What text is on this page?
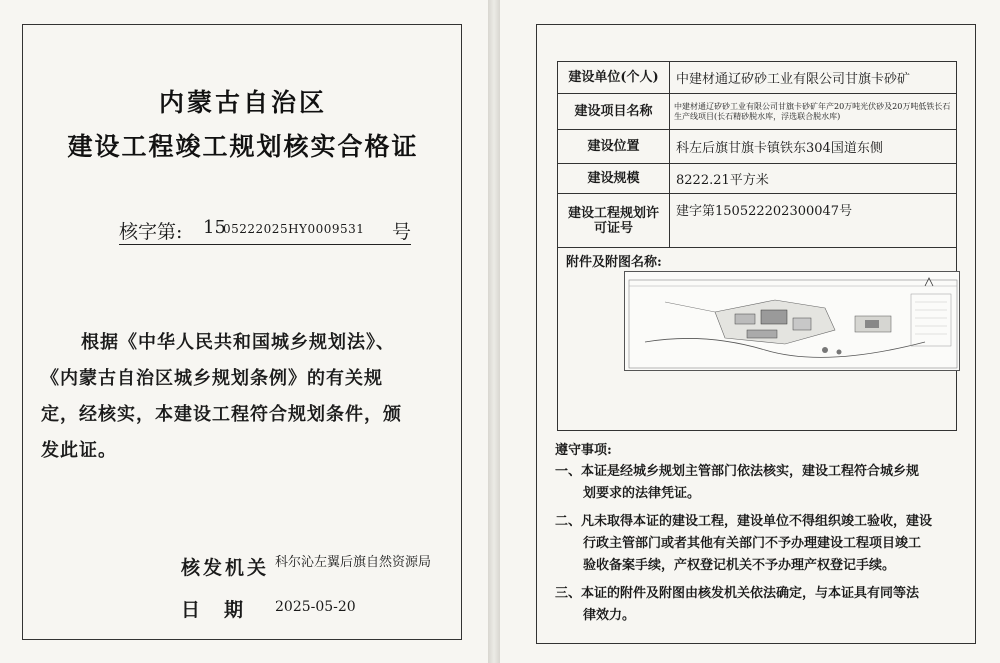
内蒙古自治区
建设工程竣工规划核实合格证
核字第: 15
05222025HY0009531 号
根据《中华人民共和国城乡规划法》、
《内蒙古自治区城乡规划条例》的有关规
定，经核实，本建设工程符合规划条件，颁
发此证。
核发机关 科尔沁左翼后旗自然资源局
日期 2025-05-20
建设单位(个人)	中建材通辽矽砂工业有限公司甘旗卡砂矿
建设项目名称	中建材通辽矽砂工业有限公司甘旗卡砂矿年产20万吨光伏砂及20万吨低铁长石生产线项目(长石精砂脱水库，浮选联合脱水库)
建设位置	科左后旗甘旗卡镇铁东304国道东侧
建设规模	8222.21平方米
建设工程规划许可证号	建字第150522202300047号
附件及附图名称:
遵守事项:
一、本证是经城乡规划主管部门依法核实，建设工程符合城乡规
划要求的法律凭证。
二、凡未取得本证的建设工程，建设单位不得组织竣工验收，建设
行政主管部门或者其他有关部门不予办理建设工程项目竣工
验收备案手续，产权登记机关不予办理产权登记手续。
三、本证的附件及附图由核发机关依法确定，与本证具有同等法
律效力。
